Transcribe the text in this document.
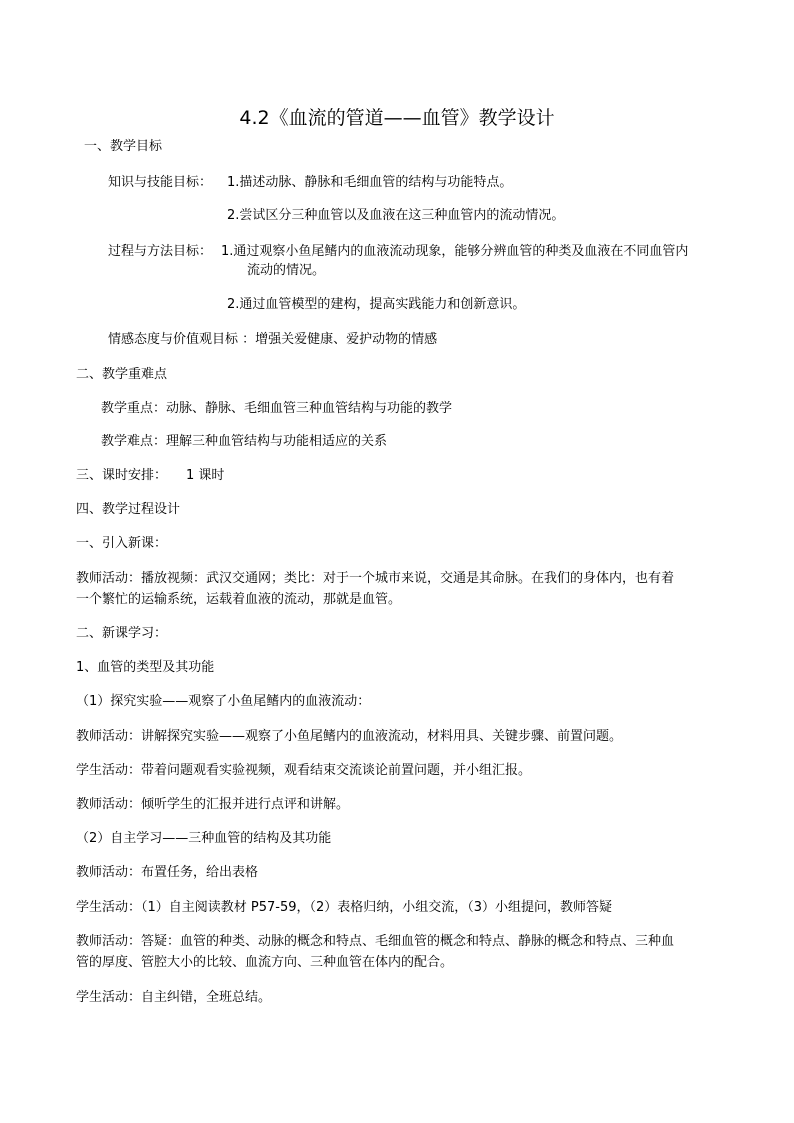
4.2《血流的管道——血管》教学设计
一、教学目标
知识与技能目标： 1.描述动脉、静脉和毛细血管的结构与功能特点。
2.尝试区分三种血管以及血液在这三种血管内的流动情况。
过程与方法目标： 1.通过观察小鱼尾鳍内的血液流动现象，能够分辨血管的种类及血液在不同血管内
流动的情况。
2.通过血管模型的建构，提高实践能力和创新意识。
情感态度与价值观目标 ：增强关爱健康、爱护动物的情感
二、教学重难点
教学重点：动脉、静脉、毛细血管三种血管结构与功能的教学
教学难点：理解三种血管结构与功能相适应的关系
三、课时安排： 1 课时
四、教学过程设计
一、引入新课：
教师活动：播放视频：武汉交通网；类比：对于一个城市来说，交通是其命脉。在我们的身体内，也有着
一个繁忙的运输系统，运载着血液的流动，那就是血管。
二、新课学习：
1、血管的类型及其功能
（1）探究实验——观察了小鱼尾鳍内的血液流动：
教师活动：讲解探究实验——观察了小鱼尾鳍内的血液流动，材料用具、关键步骤、前置问题。
学生活动：带着问题观看实验视频，观看结束交流谈论前置问题，并小组汇报。
教师活动：倾听学生的汇报并进行点评和讲解。
（2）自主学习——三种血管的结构及其功能
教师活动：布置任务，给出表格
学生活动：（1）自主阅读教材 P57-59，（2）表格归纳，小组交流，（3）小组提问，教师答疑
教师活动：答疑：血管的种类、动脉的概念和特点、毛细血管的概念和特点、静脉的概念和特点、三种血
管的厚度、管腔大小的比较、血流方向、三种血管在体内的配合。
学生活动：自主纠错，全班总结。
